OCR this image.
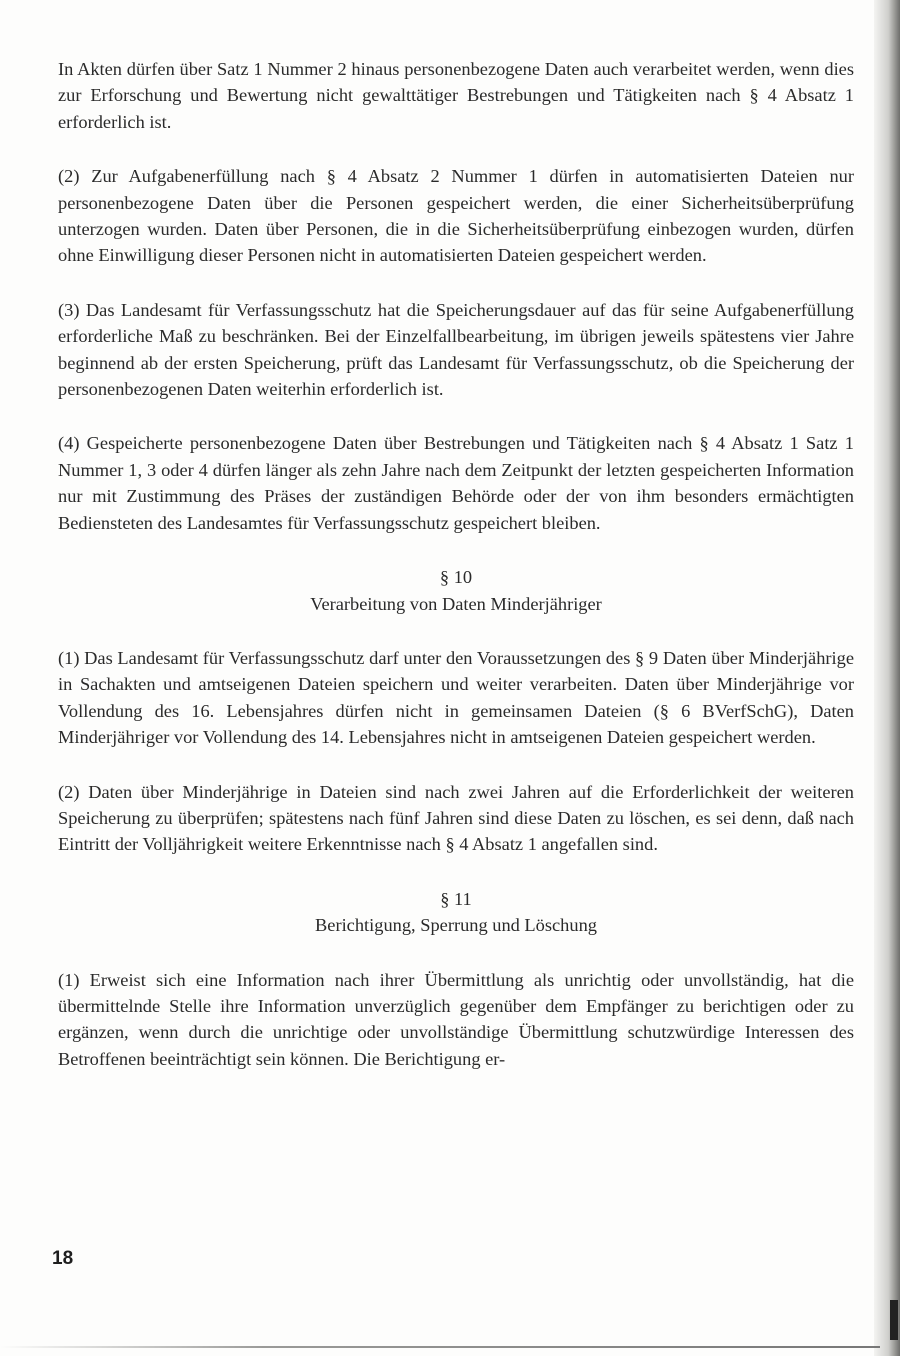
In Akten dürfen über Satz 1 Nummer 2 hinaus personenbezogene Daten auch verarbeitet werden, wenn dies zur Erforschung und Bewertung nicht gewalttätiger Bestrebungen und Tätigkeiten nach § 4 Absatz 1 erforderlich ist.

(2) Zur Aufgabenerfüllung nach § 4 Absatz 2 Nummer 1 dürfen in automatisierten Dateien nur personenbezogene Daten über die Personen gespeichert werden, die einer Sicherheitsüberprüfung unterzogen wurden. Daten über Personen, die in die Sicherheitsüberprüfung einbezogen wurden, dürfen ohne Einwilligung dieser Personen nicht in automatisierten Dateien gespeichert werden.

(3) Das Landesamt für Verfassungsschutz hat die Speicherungsdauer auf das für seine Aufgabenerfüllung erforderliche Maß zu beschränken. Bei der Einzelfallbearbeitung, im übrigen jeweils spätestens vier Jahre beginnend ab der ersten Speicherung, prüft das Landesamt für Verfassungsschutz, ob die Speicherung der personenbezogenen Daten weiterhin erforderlich ist.

(4) Gespeicherte personenbezogene Daten über Bestrebungen und Tätigkeiten nach § 4 Absatz 1 Satz 1 Nummer 1, 3 oder 4 dürfen länger als zehn Jahre nach dem Zeitpunkt der letzten gespeicherten Information nur mit Zustimmung des Präses der zuständigen Behörde oder der von ihm besonders ermächtigten Bediensteten des Landesamtes für Verfassungsschutz gespeichert bleiben.

§ 10
Verarbeitung von Daten Minderjähriger

(1) Das Landesamt für Verfassungsschutz darf unter den Voraussetzungen des § 9 Daten über Minderjährige in Sachakten und amtseigenen Dateien speichern und weiter verarbeiten. Daten über Minderjährige vor Vollendung des 16. Lebensjahres dürfen nicht in gemeinsamen Dateien (§ 6 BVerfSchG), Daten Minderjähriger vor Vollendung des 14. Lebensjahres nicht in amtseigenen Dateien gespeichert werden.

(2) Daten über Minderjährige in Dateien sind nach zwei Jahren auf die Erforderlichkeit der weiteren Speicherung zu überprüfen; spätestens nach fünf Jahren sind diese Daten zu löschen, es sei denn, daß nach Eintritt der Volljährigkeit weitere Erkenntnisse nach § 4 Absatz 1 angefallen sind.

§ 11
Berichtigung, Sperrung und Löschung

(1) Erweist sich eine Information nach ihrer Übermittlung als unrichtig oder unvollständig, hat die übermittelnde Stelle ihre Information unverzüglich gegenüber dem Empfänger zu berichtigen oder zu ergänzen, wenn durch die unrichtige oder unvollständige Übermittlung schutzwürdige Interessen des Betroffenen beeinträchtigt sein können. Die Berichtigung er-

18
